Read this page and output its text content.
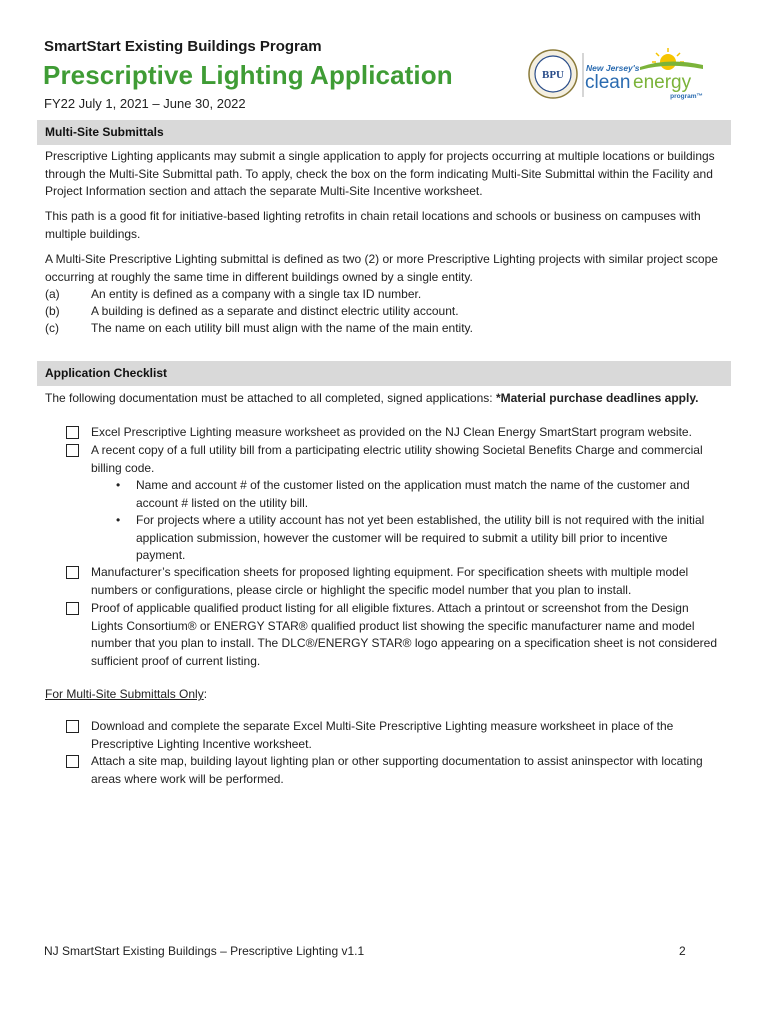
SmartStart Existing Buildings Program
Prescriptive Lighting Application
FY22 July 1, 2021 – June 30, 2022
BPU
New Jersey's
clean energy
program™
Multi-Site Submittals

Prescriptive Lighting applicants may submit a single application to apply for projects occurring at multiple locations or buildings through the Multi-Site Submittal path. To apply, check the box on the form indicating Multi-Site Submittal within the Facility and Project Information section and attach the separate Multi-Site Incentive worksheet.

This path is a good fit for initiative-based lighting retrofits in chain retail locations and schools or business on campuses with multiple buildings.

A Multi-Site Prescriptive Lighting submittal is defined as two (2) or more Prescriptive Lighting projects with similar project scope occurring at roughly the same time in different buildings owned by a single entity.

(a)	An entity is defined as a company with a single tax ID number.
(b)	A building is defined as a separate and distinct electric utility account.
(c)	The name on each utility bill must align with the name of the main entity.
Application Checklist

The following documentation must be attached to all completed, signed applications: *Material purchase deadlines apply.

Excel Prescriptive Lighting measure worksheet as provided on the NJ Clean Energy SmartStart program website.
A recent copy of a full utility bill from a participating electric utility showing Societal Benefits Charge and commercial billing code.
• Name and account # of the customer listed on the application must match the name of the customer and account # listed on the utility bill.
• For projects where a utility account has not yet been established, the utility bill is not required with the initial application submission, however the customer will be required to submit a utility bill prior to incentive payment.
Manufacturer’s specification sheets for proposed lighting equipment. For specification sheets with multiple model numbers or configurations, please circle or highlight the specific model number that you plan to install.
Proof of applicable qualified product listing for all eligible fixtures. Attach a printout or screenshot from the Design Lights Consortium® or ENERGY STAR® qualified product list showing the specific manufacturer name and model number that you plan to install. The DLC®/ENERGY STAR® logo appearing on a specification sheet is not considered sufficient proof of current listing.

For Multi-Site Submittals Only:

Download and complete the separate Excel Multi-Site Prescriptive Lighting measure worksheet in place of the Prescriptive Lighting Incentive worksheet.
Attach a site map, building layout lighting plan or other supporting documentation to assist aninspector with locating areas where work will be performed.
NJ SmartStart Existing Buildings – Prescriptive Lighting v1.1	2
